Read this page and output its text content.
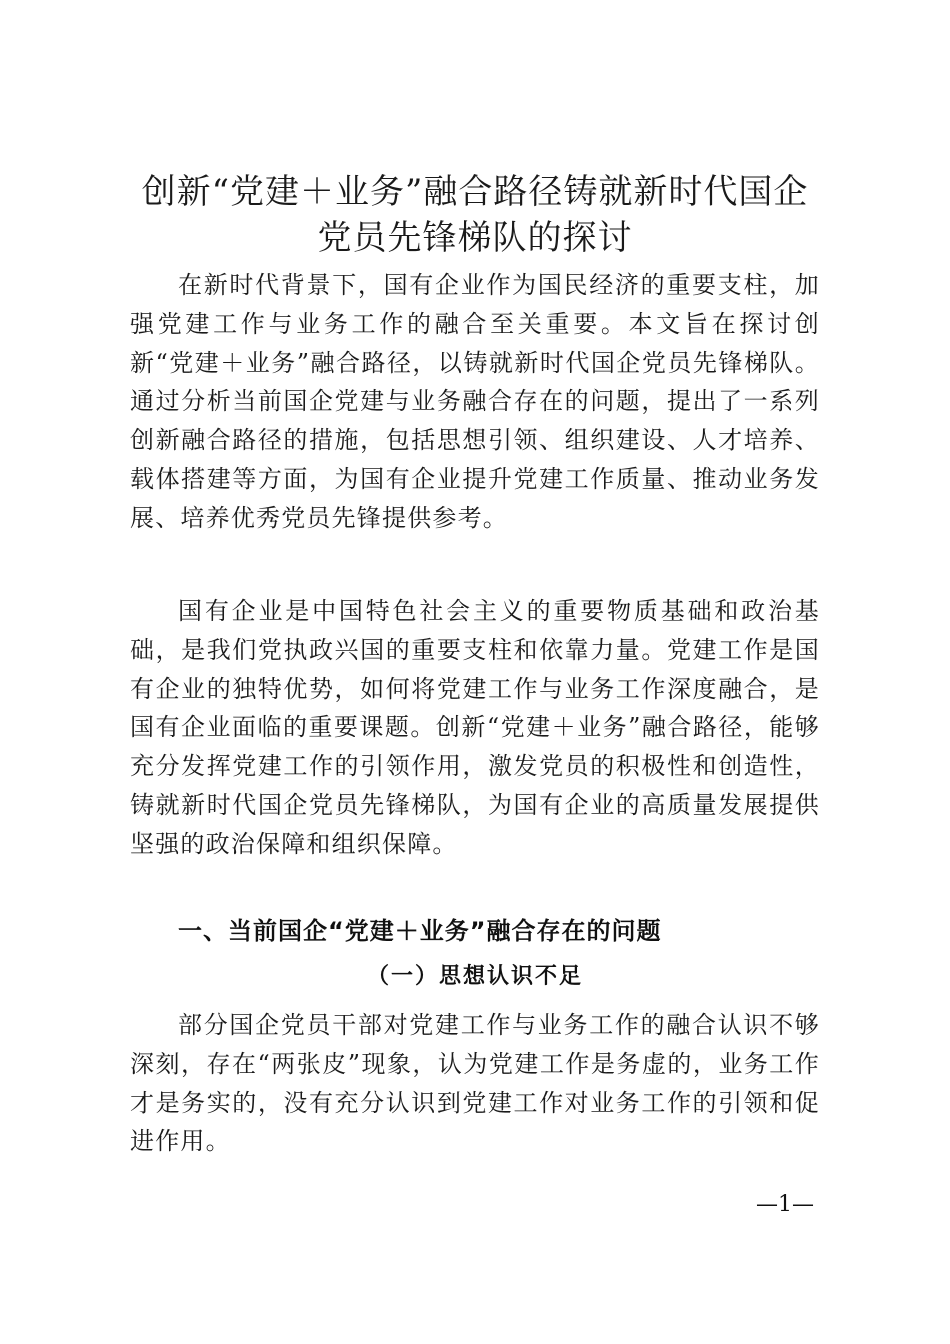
创新“党建＋业务”融合路径铸就新时代国企
党员先锋梯队的探讨

在新时代背景下，国有企业作为国民经济的重要支柱，加强党建工作与业务工作的融合至关重要。本文旨在探讨创新“党建＋业务”融合路径，以铸就新时代国企党员先锋梯队。通过分析当前国企党建与业务融合存在的问题，提出了一系列创新融合路径的措施，包括思想引领、组织建设、人才培养、载体搭建等方面，为国有企业提升党建工作质量、推动业务发展、培养优秀党员先锋提供参考。

国有企业是中国特色社会主义的重要物质基础和政治基础，是我们党执政兴国的重要支柱和依靠力量。党建工作是国有企业的独特优势，如何将党建工作与业务工作深度融合，是国有企业面临的重要课题。创新“党建＋业务”融合路径，能够充分发挥党建工作的引领作用，激发党员的积极性和创造性，铸就新时代国企党员先锋梯队，为国有企业的高质量发展提供坚强的政治保障和组织保障。

一、当前国企“党建＋业务”融合存在的问题
（一）思想认识不足

部分国企党员干部对党建工作与业务工作的融合认识不够深刻，存在“两张皮”现象，认为党建工作是务虚的，业务工作才是务实的，没有充分认识到党建工作对业务工作的引领和促进作用。

—1—
